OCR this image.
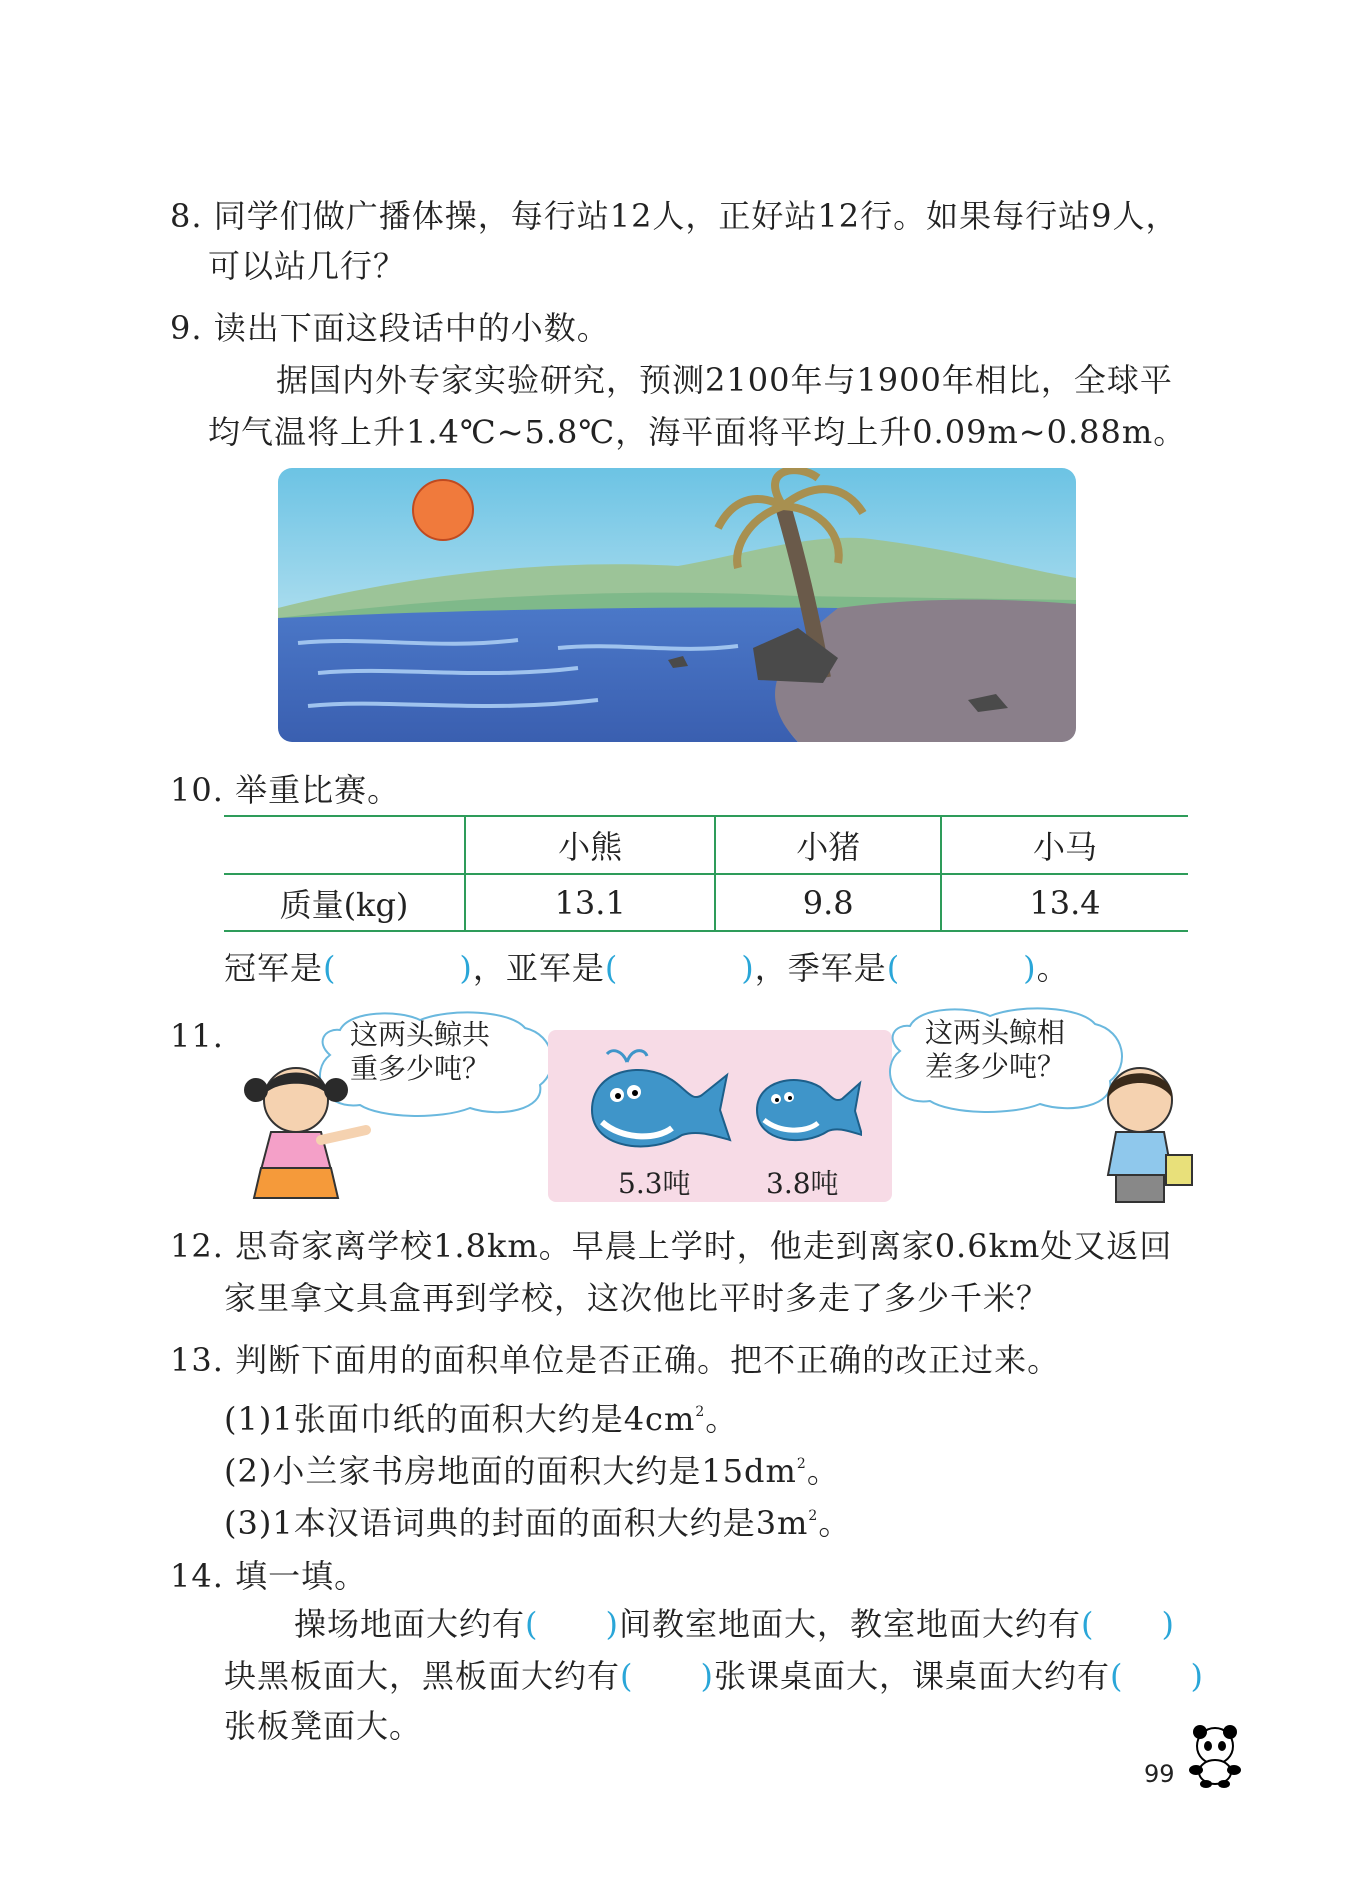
8. 同学们做广播体操，每行站12人，正好站12行。如果每行站9人，
可以站几行？
9. 读出下面这段话中的小数。
据国内外专家实验研究，预测2100年与1900年相比，全球平
均气温将上升1.4℃~5.8℃，海平面将平均上升0.09m~0.88m。
10. 举重比赛。
	小熊	小猪	小马
质量(kg)	13.1	9.8	13.4
冠军是(           )，亚军是(           )，季军是(           )。
11.	这两头鲸共
重多少吨？
5.3吨	3.8吨
这两头鲸相
差多少吨？
12. 思奇家离学校1.8km。早晨上学时，他走到离家0.6km处又返回
家里拿文具盒再到学校，这次他比平时多走了多少千米？
13. 判断下面用的面积单位是否正确。把不正确的改正过来。
(1)1张面巾纸的面积大约是$4cm^2$。
(2)小兰家书房地面的面积大约是$15dm^2$。
(3)1本汉语词典的封面的面积大约是$3m^2$。
14. 填一填。
操场地面大约有(      )间教室地面大，教室地面大约有(      )
块黑板面大，黑板面大约有(      )张课桌面大，课桌面大约有(      )
张板凳面大。
99
